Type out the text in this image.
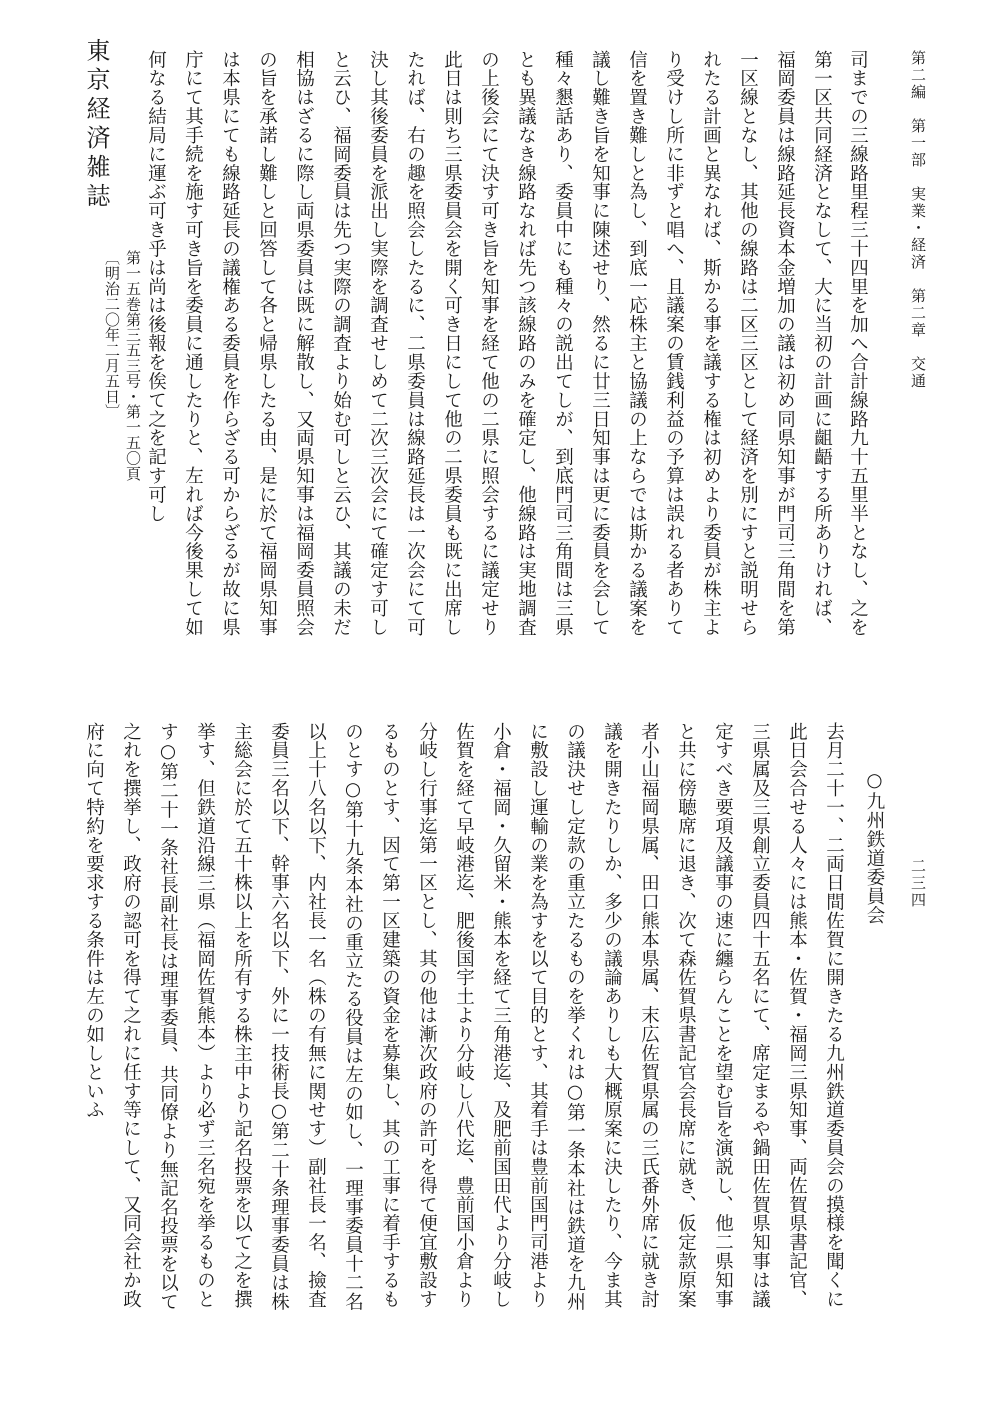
第二編　第一部　実業・経済　第二章　交通
二三四

司までの三線路里程三十四里を加へ合計線路九十五里半となし、之を

第一区共同経済となして、大に当初の計画に齟齬する所ありければ、

福岡委員は線路延長資本金増加の議は初め同県知事が門司三角間を第

一区線となし、其他の線路は二区三区として経済を別にすと説明せら

れたる計画と異なれば、斯かる事を議する権は初めより委員が株主よ

り受けし所に非ずと唱へ、且議案の賃銭利益の予算は誤れる者ありて

信を置き難しと為し、到底一応株主と協議の上ならでは斯かる議案を

議し難き旨を知事に陳述せり、然るに廿三日知事は更に委員を会して

種々懇話あり、委員中にも種々の説出てしが、到底門司三角間は三県

とも異議なき線路なれば先つ該線路のみを確定し、他線路は実地調査

の上後会にて決す可き旨を知事を経て他の二県に照会するに議定せり

此日は則ち三県委員会を開く可き日にして他の二県委員も既に出席し

たれば、右の趣を照会したるに、二県委員は線路延長は一次会にて可

決し其後委員を派出し実際を調査せしめて二次三次会にて確定す可し

と云ひ、福岡委員は先つ実際の調査より始む可しと云ひ、其議の未だ

相協はざるに際し両県委員は既に解散し、又両県知事は福岡委員照会

の旨を承諾し難しと回答して各と帰県したる由、是に於て福岡県知事

は本県にても線路延長の議権ある委員を作らざる可からざるが故に県

庁にて其手続を施す可き旨を委員に通したりと、左れば今後果して如

何なる結局に運ぶ可き乎は尚は後報を俟て之を記す可し

東京経済雑誌
第一五巻第三五三号・第一五〇頁
〔明治二〇年二月五日〕
○九州鉄道委員会

去月二十一、二両日間佐賀に開きたる九州鉄道委員会の摸様を聞くに

此日会合せる人々には熊本・佐賀・福岡三県知事、両佐賀県書記官、

三県属及三県創立委員四十五名にて、席定まるや鍋田佐賀県知事は議

定すべき要項及議事の速に纏らんことを望む旨を演説し、他二県知事

と共に傍聴席に退き、次て森佐賀県書記官会長席に就き、仮定款原案

者小山福岡県属、田口熊本県属、末広佐賀県属の三氏番外席に就き討

議を開きたりしか、多少の議論ありしも大概原案に決したり、今ま其

の議決せし定款の重立たるものを挙くれは○第一条本社は鉄道を九州

に敷設し運輸の業を為すを以て目的とす、其着手は豊前国門司港より

小倉・福岡・久留米・熊本を経て三角港迄、及肥前国田代より分岐し

佐賀を経て早岐港迄、肥後国宇土より分岐し八代迄、豊前国小倉より

分岐し行事迄第一区とし、其の他は漸次政府の許可を得て便宜敷設す

るものとす、因て第一区建築の資金を募集し、其の工事に着手するも

のとす○第十九条本社の重立たる役員は左の如し、一理事委員十二名

以上十八名以下、内社長一名（株の有無に関せす）副社長一名、撿査

委員三名以下、幹事六名以下、外に一技術長○第二十条理事委員は株

主総会に於て五十株以上を所有する株主中より記名投票を以て之を撰

挙す、但鉄道沿線三県（福岡佐賀熊本）より必ず三名宛を挙るものと

す○第二十一条社長副社長は理事委員、共同僚より無記名投票を以て

之れを撰挙し、政府の認可を得て之れに任す等にして、又同会社か政

府に向て特約を要求する条件は左の如しといふ
